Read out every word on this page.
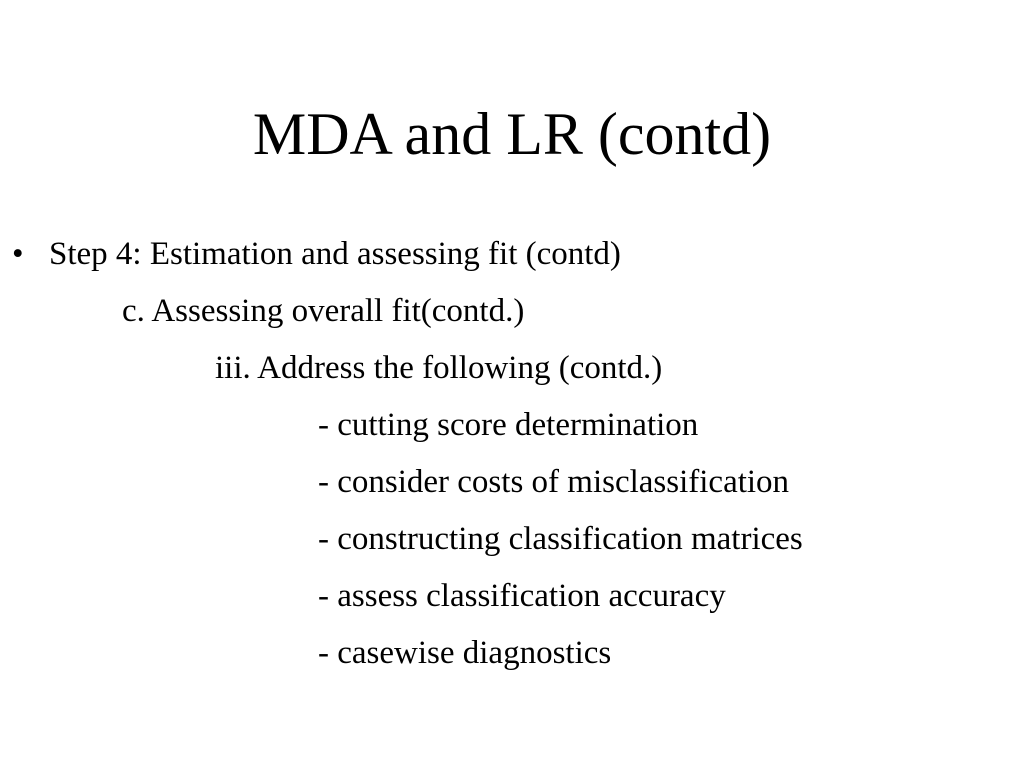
MDA and LR (contd)
• Step 4: Estimation and assessing fit (contd)
c. Assessing overall fit(contd.)
iii. Address the following (contd.)
- cutting score determination
- consider costs of misclassification
- constructing classification matrices
- assess classification accuracy
- casewise diagnostics
